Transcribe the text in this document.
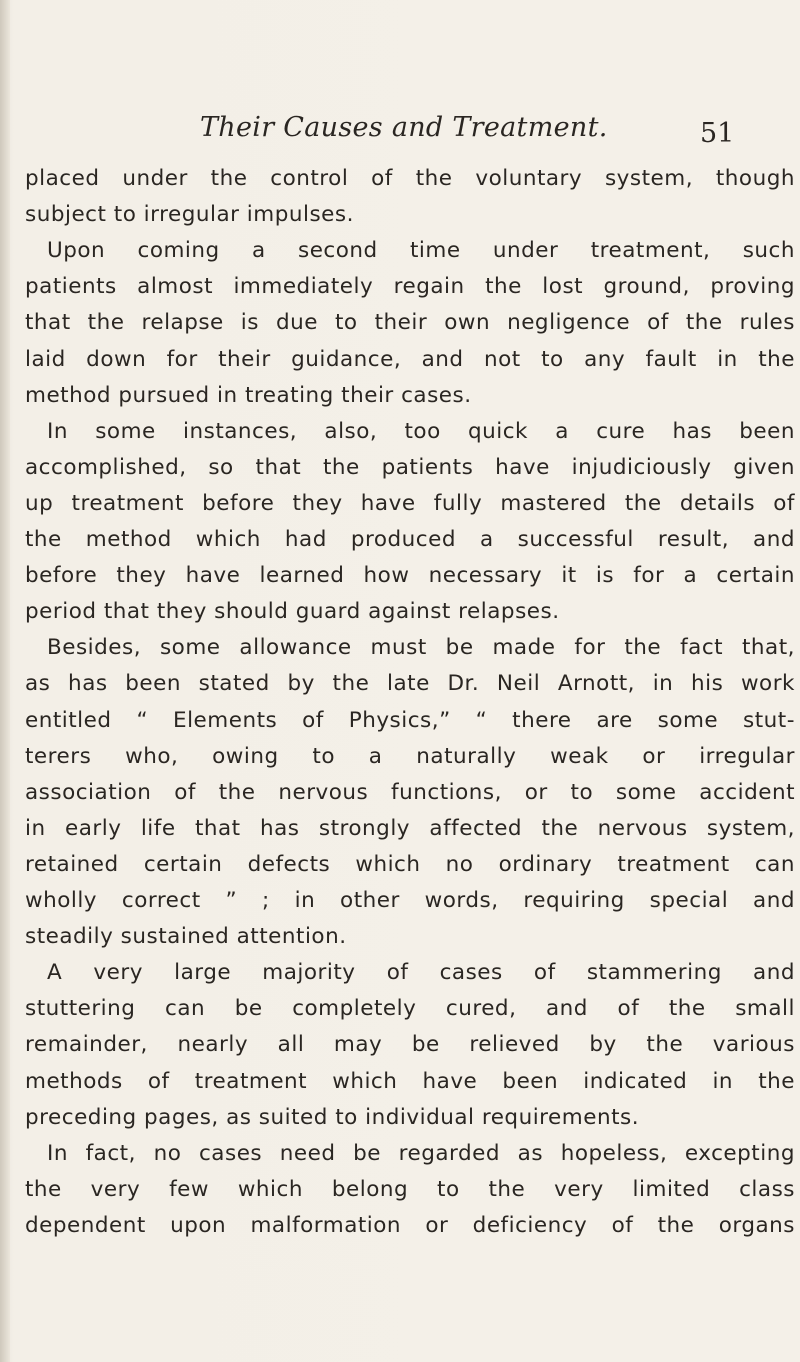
Their Causes and Treatment.	51
placed under the control of the voluntary system, though
subject to irregular impulses.
Upon coming a second time under treatment, such
patients almost immediately regain the lost ground, proving
that the relapse is due to their own negligence of the rules
laid down for their guidance, and not to any fault in the
method pursued in treating their cases.
In some instances, also, too quick a cure has been
accomplished, so that the patients have injudiciously given
up treatment before they have fully mastered the details of
the method which had produced a successful result, and
before they have learned how necessary it is for a certain
period that they should guard against relapses.
Besides, some allowance must be made for the fact that,
as has been stated by the late Dr. Neil Arnott, in his work
entitled “ Elements of Physics,” “ there are some stut-
terers who, owing to a naturally weak or irregular
association of the nervous functions, or to some accident
in early life that has strongly affected the nervous system,
retained certain defects which no ordinary treatment can
wholly correct ” ; in other words, requiring special and
steadily sustained attention.
A very large majority of cases of stammering and
stuttering can be completely cured, and of the small
remainder, nearly all may be relieved by the various
methods of treatment which have been indicated in the
preceding pages, as suited to individual requirements.
In fact, no cases need be regarded as hopeless, excepting
the very few which belong to the very limited class
dependent upon malformation or deficiency of the organs
